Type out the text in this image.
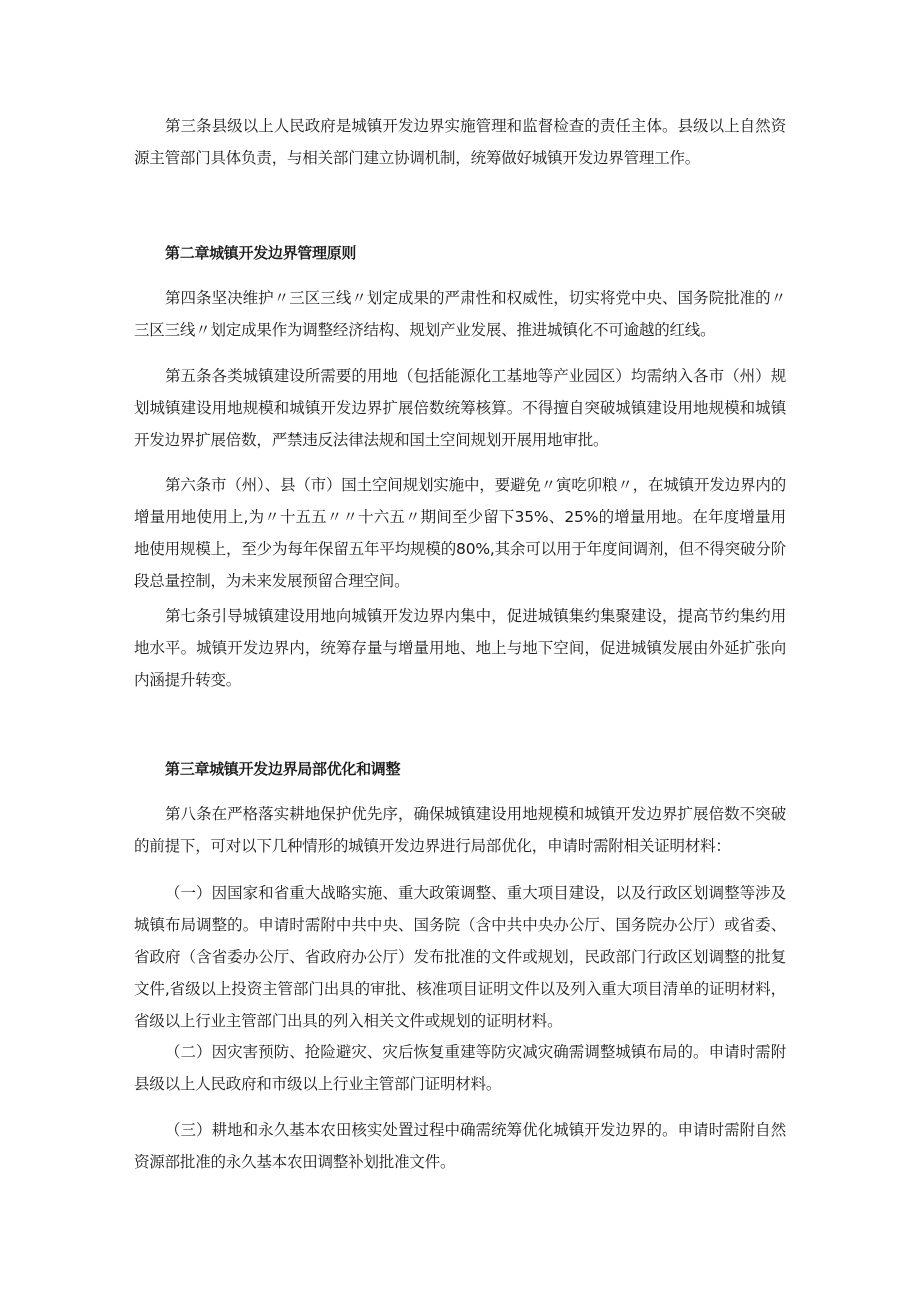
第三条县级以上人民政府是城镇开发边界实施管理和监督检查的责任主体。县级以上自然资源主管部门具体负责，与相关部门建立协调机制，统筹做好城镇开发边界管理工作。

第二章城镇开发边界管理原则

第四条坚决维护〃三区三线〃划定成果的严肃性和权威性，切实将党中央、国务院批准的〃三区三线〃划定成果作为调整经济结构、规划产业发展、推进城镇化不可逾越的红线。

第五条各类城镇建设所需要的用地（包括能源化工基地等产业园区）均需纳入各市（州）规划城镇建设用地规模和城镇开发边界扩展倍数统筹核算。不得擅自突破城镇建设用地规模和城镇开发边界扩展倍数，严禁违反法律法规和国土空间规划开展用地审批。

第六条市（州）、县（市）国土空间规划实施中，要避免〃寅吃卯粮〃，在城镇开发边界内的增量用地使用上,为〃十五五〃〃十六五〃期间至少留下35%、25%的增量用地。在年度增量用地使用规模上，至少为每年保留五年平均规模的80%,其余可以用于年度间调剂，但不得突破分阶段总量控制，为未来发展预留合理空间。

第七条引导城镇建设用地向城镇开发边界内集中，促进城镇集约集聚建设，提高节约集约用地水平。城镇开发边界内，统筹存量与增量用地、地上与地下空间，促进城镇发展由外延扩张向内涵提升转变。

第三章城镇开发边界局部优化和调整

第八条在严格落实耕地保护优先序，确保城镇建设用地规模和城镇开发边界扩展倍数不突破的前提下，可对以下几种情形的城镇开发边界进行局部优化，申请时需附相关证明材料：

（一）因国家和省重大战略实施、重大政策调整、重大项目建设，以及行政区划调整等涉及城镇布局调整的。申请时需附中共中央、国务院（含中共中央办公厅、国务院办公厅）或省委、省政府（含省委办公厅、省政府办公厅）发布批准的文件或规划，民政部门行政区划调整的批复文件,省级以上投资主管部门出具的审批、核准项目证明文件以及列入重大项目清单的证明材料，省级以上行业主管部门出具的列入相关文件或规划的证明材料。

（二）因灾害预防、抢险避灾、灾后恢复重建等防灾减灾确需调整城镇布局的。申请时需附县级以上人民政府和市级以上行业主管部门证明材料。

（三）耕地和永久基本农田核实处置过程中确需统筹优化城镇开发边界的。申请时需附自然资源部批准的永久基本农田调整补划批准文件。
